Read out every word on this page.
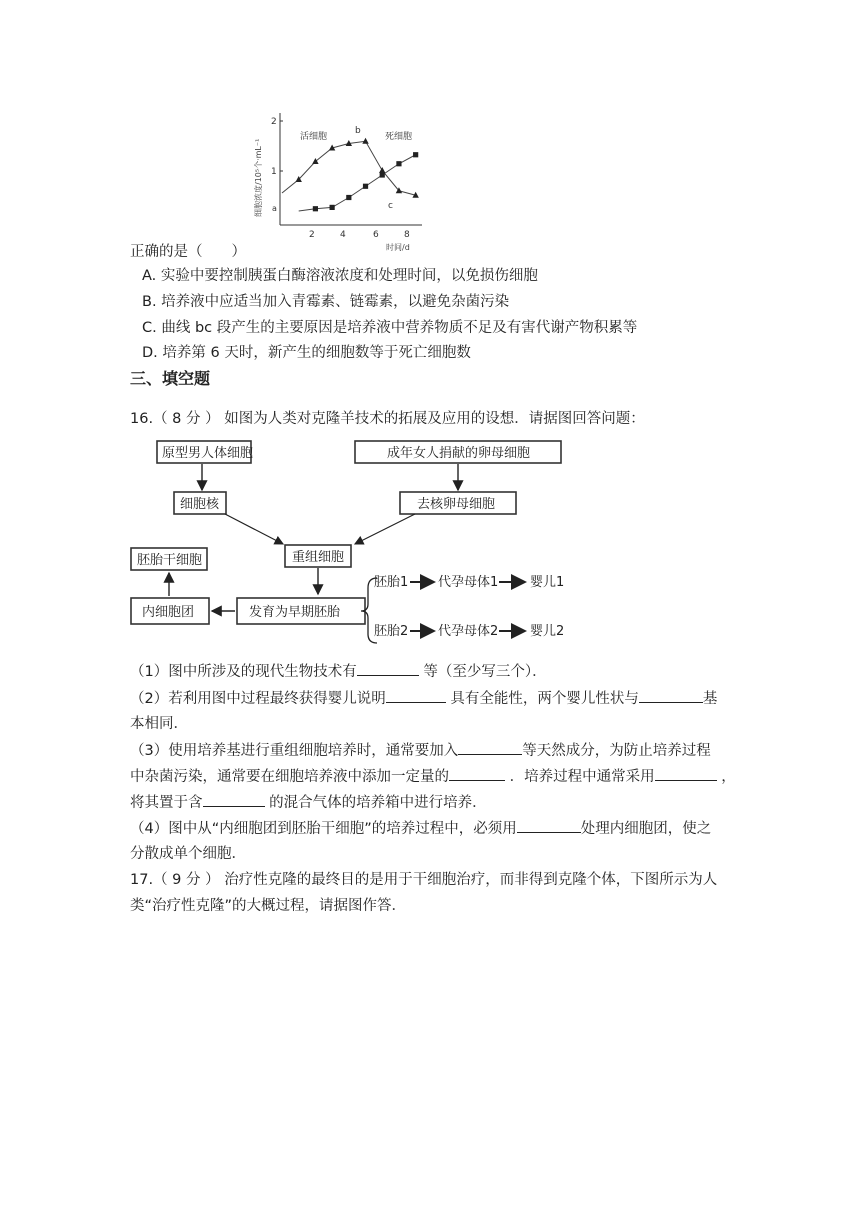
细胞浓度/10⁵个·mL⁻¹
2
1
a
2	4	6	8
时间/d
活细胞	死细胞
b
c
正确的是（　　）
A. 实验中要控制胰蛋白酶溶液浓度和处理时间，以免损伤细胞
B. 培养液中应适当加入青霉素、链霉素，以避免杂菌污染
C. 曲线 bc 段产生的主要原因是培养液中营养物质不足及有害代谢产物积累等
D. 培养第 6 天时，新产生的细胞数等于死亡细胞数
三、填空题
16.（ 8 分 ） 如图为人类对克隆羊技术的拓展及应用的设想．请据图回答问题：
原型男人体细胞	成年女人捐献的卵母细胞
细胞核	去核卵母细胞
重组细胞
胚胎干细胞
内细胞团	发育为早期胚胎
胚胎1 代孕母体1 婴儿1
胚胎2 代孕母体2 婴儿2
（1）图中所涉及的现代生物技术有	等（至少写三个）．
（2）若利用图中过程最终获得婴儿说明	具有全能性，两个婴儿性状与	基
本相同．
（3）使用培养基进行重组细胞培养时，通常要加入	等天然成分，为防止培养过程
中杂菌污染，通常要在细胞培养液中添加一定量的	．培养过程中通常采用	，
将其置于含	的混合气体的培养箱中进行培养．
（4）图中从“内细胞团到胚胎干细胞”的培养过程中，必须用	处理内细胞团，使之
分散成单个细胞．
17.（ 9 分 ） 治疗性克隆的最终目的是用于干细胞治疗，而非得到克隆个体，下图所示为人
类“治疗性克隆”的大概过程，请据图作答．
